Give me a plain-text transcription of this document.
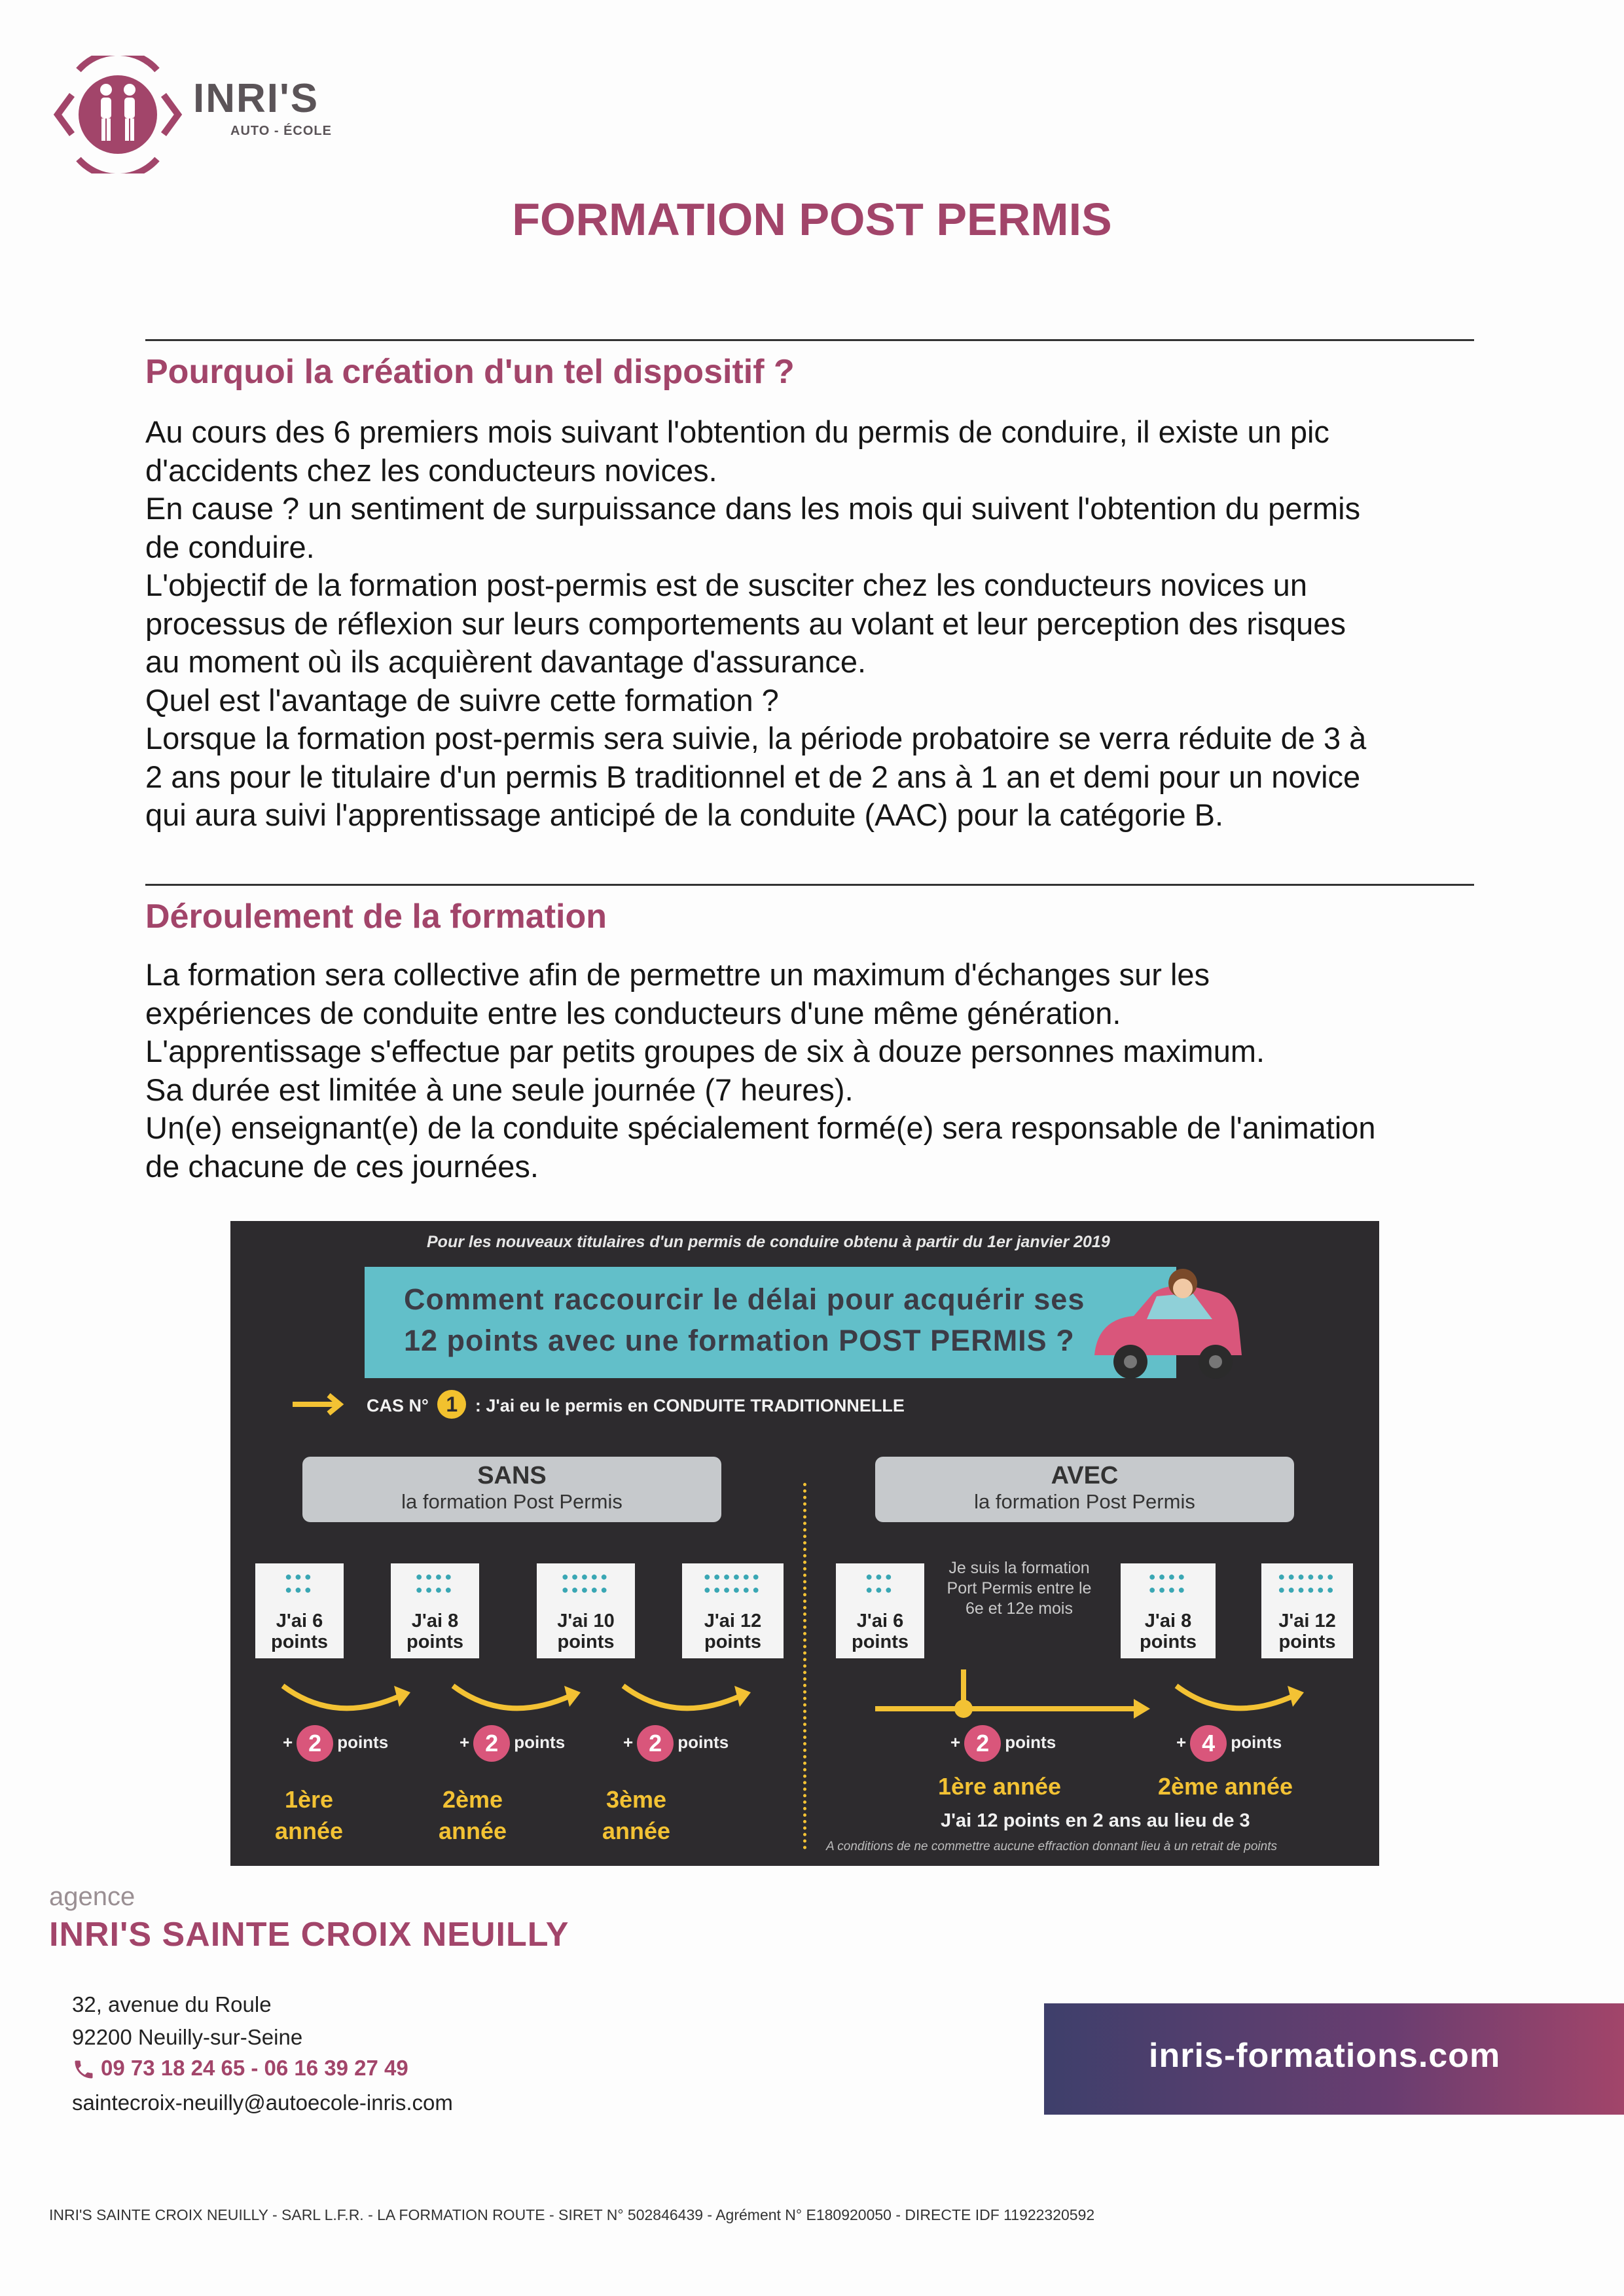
INRI'S
AUTO - ÉCOLE
FORMATION POST PERMIS
Pourquoi la création d'un tel dispositif ?

Au cours des 6 premiers mois suivant l'obtention du permis de conduire, il existe un pic

d'accidents chez les conducteurs novices.

En cause ? un sentiment de surpuissance dans les mois qui suivent l'obtention du permis

de conduire.

L'objectif de la formation post-permis est de susciter chez les conducteurs novices un

processus de réflexion sur leurs comportements au volant et leur perception des risques

au moment où ils acquièrent davantage d'assurance.

Quel est l'avantage de suivre cette formation ?

Lorsque la formation post-permis sera suivie, la période probatoire se verra réduite de 3 à

2 ans pour le titulaire d'un permis B traditionnel et de 2 ans à 1 an et demi pour un novice

qui aura suivi l'apprentissage anticipé de la conduite (AAC) pour la catégorie B.

Déroulement de la formation

La formation sera collective afin de permettre un maximum d'échanges sur les

expériences de conduite entre les conducteurs d'une même génération.

L'apprentissage s'effectue par petits groupes de six à douze personnes maximum.

Sa durée est limitée à une seule journée (7 heures).

Un(e) enseignant(e) de la conduite spécialement formé(e) sera responsable de l'animation

de chacune de ces journées.

Pour les nouveaux titulaires d'un permis de conduire obtenu à partir du 1er janvier 2019
Comment raccourcir le délai pour acquérir ses
12 points avec une formation POST PERMIS ?
CAS N° 1 : J'ai eu le permis en CONDUITE TRADITIONNELLE
SANS
la formation Post Permis
AVEC
la formation Post Permis
●●●
●●●
J'ai 6 points
●●●●
●●●●
J'ai 8 points
●●●●●
●●●●●
J'ai 10 points
●●●●●●
●●●●●●
J'ai 12 points
●●●
●●●
J'ai 6 points
Je suis la formation Port Permis entre le 6e et 12e mois
●●●●
●●●●
J'ai 8 points
●●●●●●
●●●●●●
J'ai 12 points
+ 2 points	+ 2 points	+ 2 points	+ 2 points	+ 4 points
1ère année
2ème année
3ème année
1ère année	2ème année
J'ai 12 points en 2 ans au lieu de 3
A conditions de ne commettre aucune effraction donnant lieu à un retrait de points
agence
INRI'S SAINTE CROIX NEUILLY
32, avenue du Roule
92200 Neuilly-sur-Seine
09 73 18 24 65 - 06 16 39 27 49
saintecroix-neuilly@autoecole-inris.com
inris-formations.com
INRI'S SAINTE CROIX NEUILLY - SARL L.F.R. - LA FORMATION ROUTE - SIRET N° 502846439 - Agrément N° E180920050 - DIRECTE IDF 11922320592
